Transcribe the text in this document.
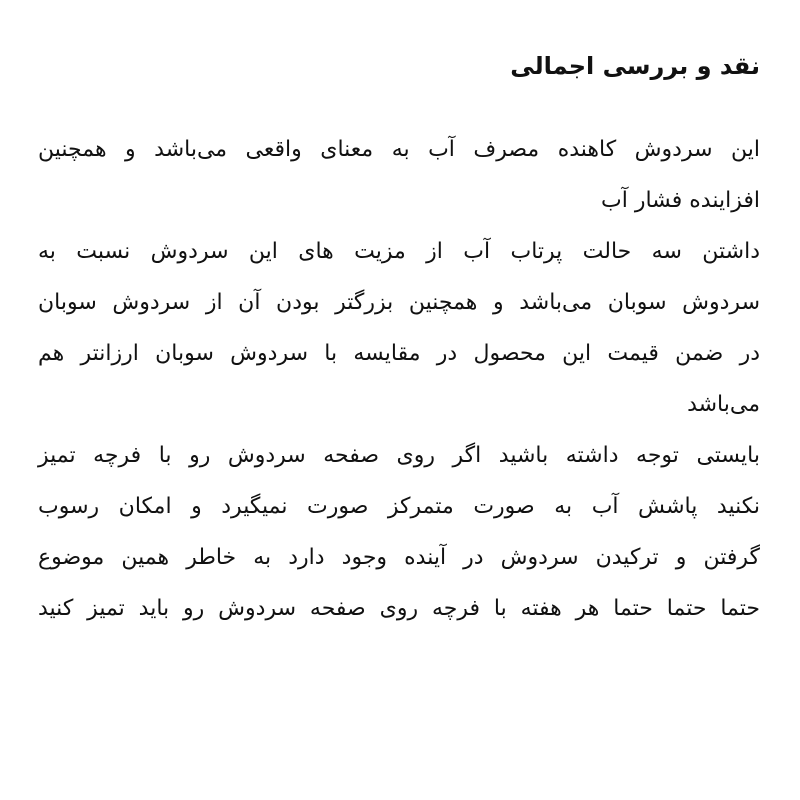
نقد و بررسی اجمالی
این سردوش کاهنده مصرف آب به معنای واقعی می‌باشد و همچنین
افزاینده فشار آب
داشتن سه حالت پرتاب آب از مزیت های این سردوش نسبت به
سردوش سوبان می‌باشد و همچنین بزرگتر بودن آن از سردوش سوبان
در ضمن قیمت این محصول در مقایسه با سردوش سوبان ارزانتر هم
می‌باشد
بایستی توجه داشته باشید اگر روی صفحه سردوش رو با فرچه تمیز
نکنید پاشش آب به صورت متمرکز صورت نمیگیرد و امکان رسوب
گرفتن و ترکیدن سردوش در آینده وجود دارد به خاطر همین موضوع
حتما حتما حتما هر هفته با فرچه روی صفحه سردوش رو باید تمیز کنید
